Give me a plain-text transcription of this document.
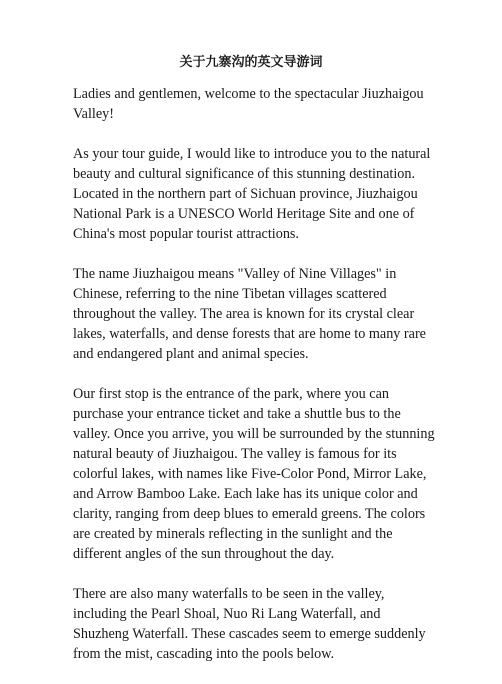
关于九寨沟的英文导游词

Ladies and gentlemen, welcome to the spectacular Jiuzhaigou Valley!

As your tour guide, I would like to introduce you to the natural beauty and cultural significance of this stunning destination. Located in the northern part of Sichuan province, Jiuzhaigou National Park is a UNESCO World Heritage Site and one of China's most popular tourist attractions.

The name Jiuzhaigou means "Valley of Nine Villages" in Chinese, referring to the nine Tibetan villages scattered throughout the valley. The area is known for its crystal clear lakes, waterfalls, and dense forests that are home to many rare and endangered plant and animal species.

Our first stop is the entrance of the park, where you can purchase your entrance ticket and take a shuttle bus to the valley. Once you arrive, you will be surrounded by the stunning natural beauty of Jiuzhaigou. The valley is famous for its colorful lakes, with names like Five-Color Pond, Mirror Lake, and Arrow Bamboo Lake. Each lake has its unique color and clarity, ranging from deep blues to emerald greens. The colors are created by minerals reflecting in the sunlight and the different angles of the sun throughout the day.

There are also many waterfalls to be seen in the valley, including the Pearl Shoal, Nuo Ri Lang Waterfall, and Shuzheng Waterfall. These cascades seem to emerge suddenly from the mist, cascading into the pools below.
